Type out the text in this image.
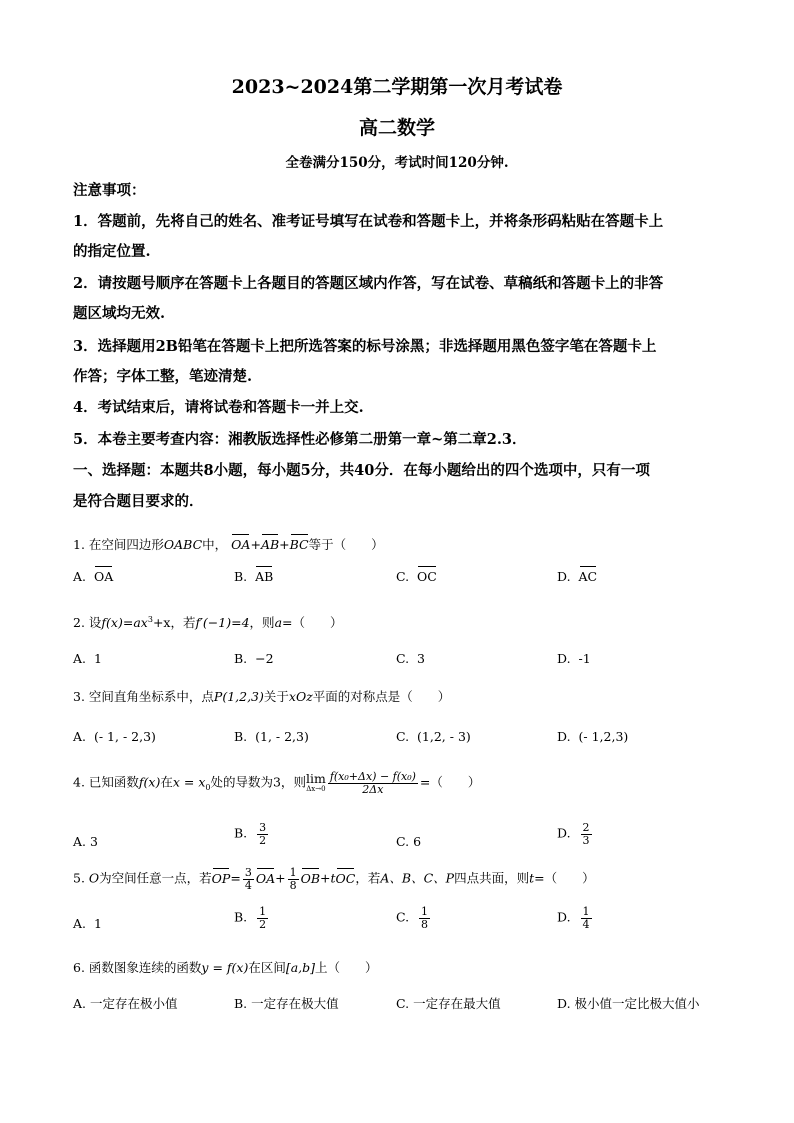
2023~2024第二学期第一次月考试卷
高二数学
全卷满分150分，考试时间120分钟.
注意事项：
1．答题前，先将自己的姓名、准考证号填写在试卷和答题卡上，并将条形码粘贴在答题卡上
的指定位置.
2．请按题号顺序在答题卡上各题目的答题区域内作答，写在试卷、草稿纸和答题卡上的非答
题区域均无效.
3．选择题用2B铅笔在答题卡上把所选答案的标号涂黑；非选择题用黑色签字笔在答题卡上
作答；字体工整，笔迹清楚.
4．考试结束后，请将试卷和答题卡一并上交.
5．本卷主要考查内容：湘教版选择性必修第二册第一章~第二章2.3．
一、选择题：本题共8小题，每小题5分，共40分．在每小题给出的四个选项中，只有一项
是符合题目要求的．
1. 在空间四边形OABC中， OA+AB+BC等于（　　）
A. OA	B. AB	C. OC	D. AC
2. 设$f(x)=ax^3+x$，若f′(−1)=4，则a=（　　）
A. 1	B. −2	C. 3	D. -1
3. 空间直角坐标系中，点P(1,2,3)关于xOz平面的对称点是（　　）
A. (- 1, - 2,3)	B. (1, - 2,3)	C. (1,2, - 3)	D. (- 1,2,3)
4. 已知函数f(x)在$x = x_0$处的导数为3，则 lim
$\Delta x\to 0 \frac{\text{f(x₀+Δx) − f(x₀)}}{2\Delta x}$ =（　　）
A. 3
B. $\frac{3}{2}$	C. 6
D. $\frac{2}{3}$
5. O为空间任意一点，若$OP= \frac{3}{4} OA+ \frac{1}{8} OB+tOC$，若A、B、C、P四点共面，则t=（　　）
A. 1	B. $\frac{1}{2}$	C. $\frac{1}{8}$	D. $\frac{1}{4}$
6. 函数图象连续的函数y = f(x)在区间[a,b]上（　　）
A. 一定存在极小值	B. 一定存在极大值	C. 一定存在最大值	D. 极小值一定比极大值小
